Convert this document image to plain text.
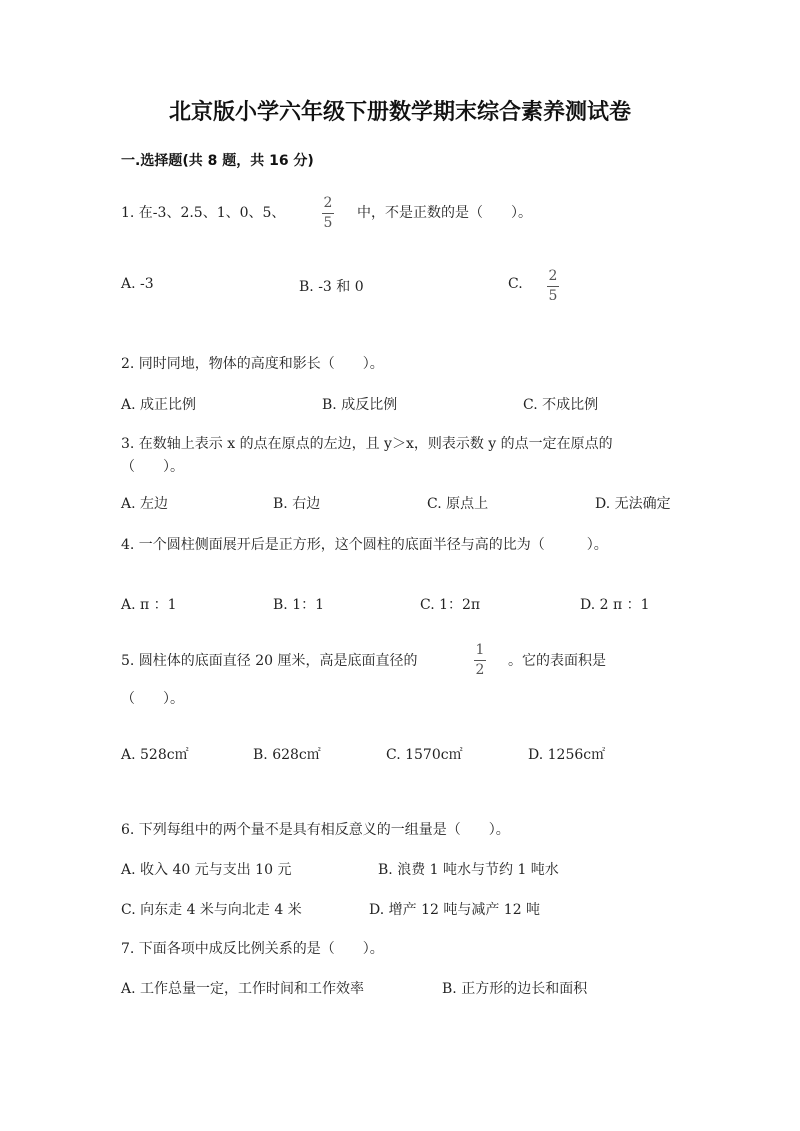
北京版小学六年级下册数学期末综合素养测试卷
一.选择题(共 8 题，共 16 分)
1. 在-3、2.5、1、0、5、
2
5
中，不是正数的是（　　）。
A. -3	B. -3 和 0	C. 2
5
2. 同时同地，物体的高度和影长（　　）。
A. 成正比例	B. 成反比例	C. 不成比例
3. 在数轴上表示 x 的点在原点的左边，且 y＞x，则表示数 y 的点一定在原点的
（　　）。
A. 左边	B. 右边	C. 原点上	D. 无法确定
4. 一个圆柱侧面展开后是正方形，这个圆柱的底面半径与高的比为（　　　）。
A. π ：1	B. 1：1	C. 1：2π	D. 2 π ：1
5. 圆柱体的底面直径 20 厘米，高是底面直径的
1
2
。它的表面积是
（　　）。
A. 528c㎡	B. 628c㎡	C. 1570c㎡	D. 1256c㎡
6. 下列每组中的两个量不是具有相反意义的一组量是（　　）。
A. 收入 40 元与支出 10 元	B. 浪费 1 吨水与节约 1 吨水
C. 向东走 4 米与向北走 4 米	D. 增产 12 吨与减产 12 吨
7. 下面各项中成反比例关系的是（　　）。
A. 工作总量一定，工作时间和工作效率	B. 正方形的边长和面积
